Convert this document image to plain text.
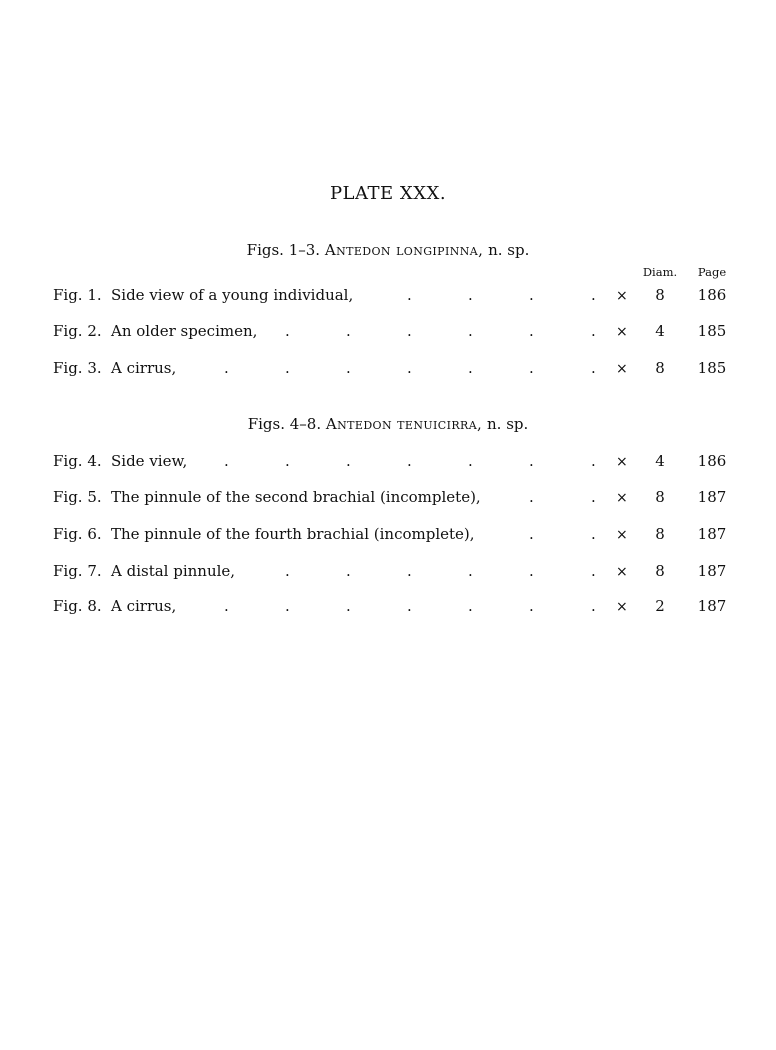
PLATE XXX.
Figs. 1–3. Antedon longipinna, n. sp.
Diam.	Page
Fig. 1. Side view of a young individual,	.	.	.	. ×	8	186
Fig. 2. An older specimen, .	.	.	.	.	. ×	4	185
Fig. 3. A cirrus,	.	.	.	.	.	.	. ×	8	185
Figs. 4–8. Antedon tenuicirra, n. sp.
Fig. 4. Side view, .	.	.	.	.	.	. ×	4	186
Fig. 5. The pinnule of the second brachial (incomplete),	.	. ×	8	187
Fig. 6. The pinnule of the fourth brachial (incomplete),	.	. ×	8	187
Fig. 7. A distal pinnule,	.	.	.	.	.	. ×	8	187
Fig. 8. A cirrus,	.	.	.	.	.	.	. ×	2	187
